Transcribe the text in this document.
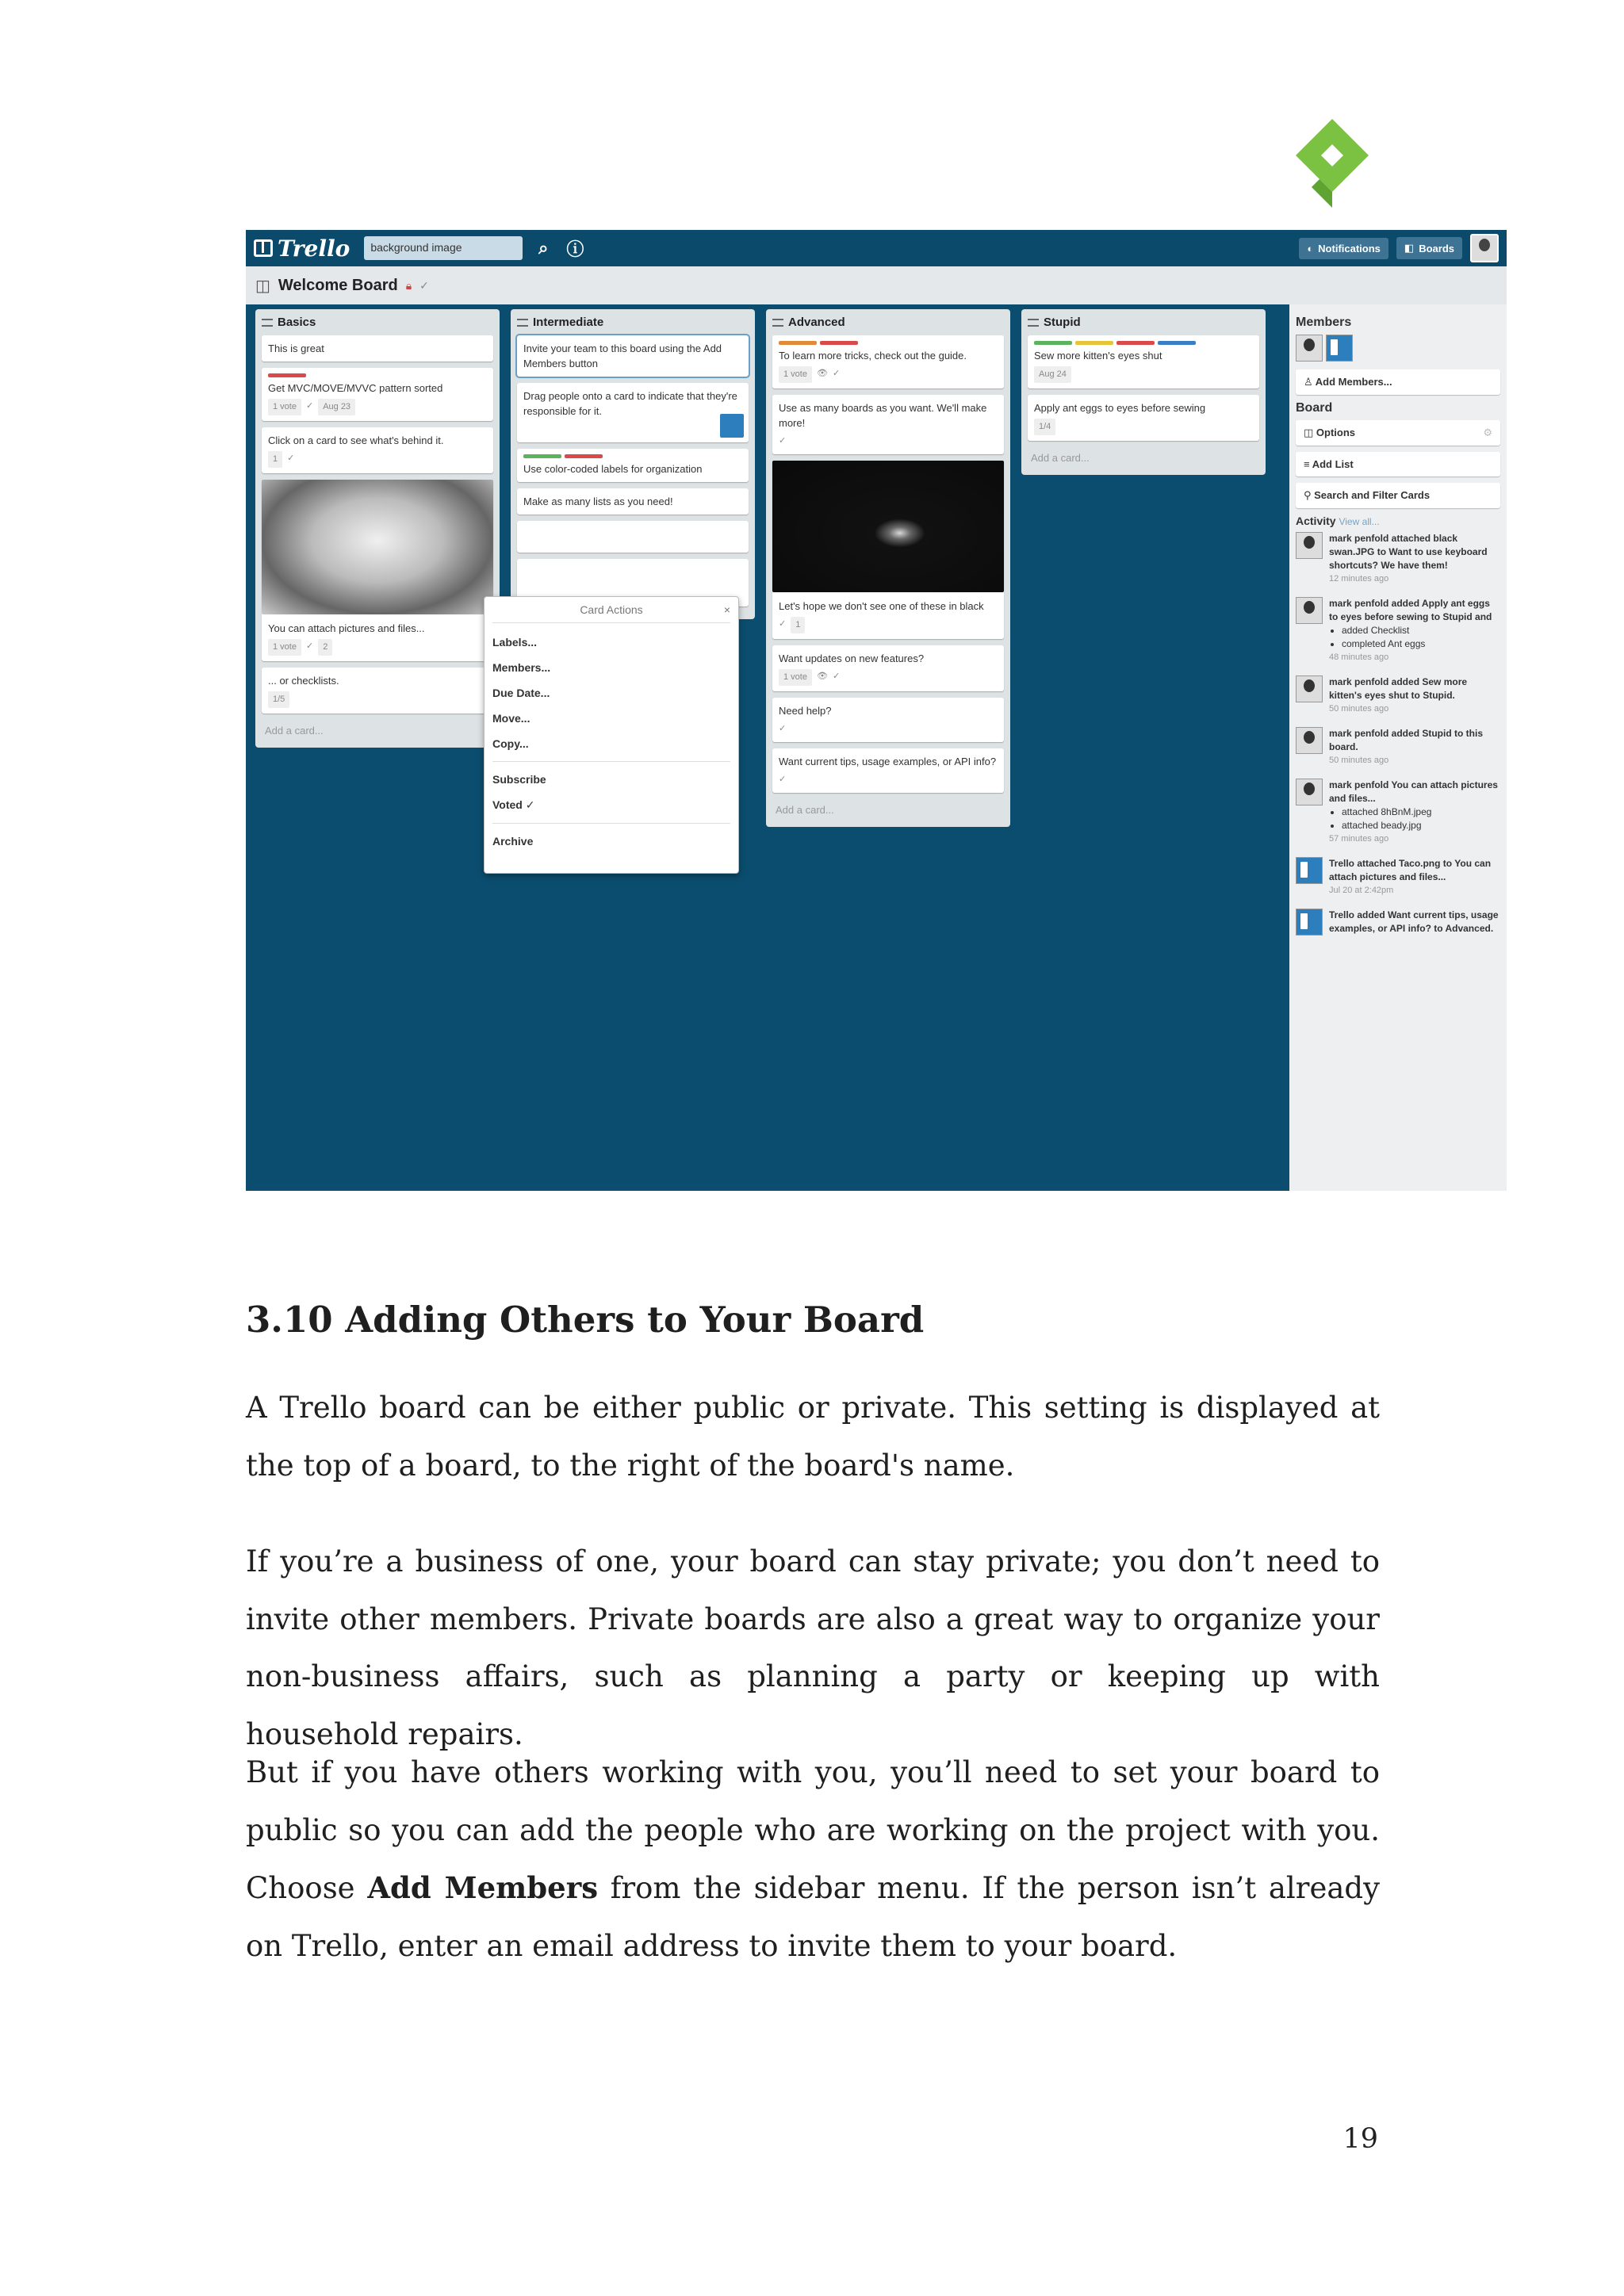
Trello	background image	⌕	ⓘ	◐ Notifications ◧ Boards
◫ Welcome Board 🔒︎ ✓
Basics
This is great
Get MVC/MOVE/MVVC pattern sorted
1 vote	✓	Aug 23
Click on a card to see what's behind it.
1	✓
You can attach pictures and files...
1 vote	✓	2
... or checklists.
1/5
Add a card...
Intermediate
Invite your team to this board using the Add Members button
Drag people onto a card to indicate that they're responsible for it.
Use color-coded labels for organization
Make as many lists as you need!
Advanced
To learn more tricks, check out the guide.
1 vote	👁︎ ✓
Use as many boards as you want. We'll make more!
✓
Let's hope we don't see one of these in black
✓	1
Want updates on new features?
1 vote	👁︎ ✓
Need help?
✓
Want current tips, usage examples, or API info?
✓
Add a card...
Stupid
Sew more kitten's eyes shut
Aug 24
Apply ant eggs to eyes before sewing
1/4
Add a card...
Card Actions	×
Labels...
Members...
Due Date...
Move...
Copy...
Subscribe
Voted ✓
Archive
Members
♙ Add Members...
Board
◫ Options	⚙
≡ Add List
⚲ Search and Filter Cards
Activity View all...
mark penfold attached black swan.JPG to Want to use keyboard shortcuts? We have them!
12 minutes ago
mark penfold added Apply ant eggs to eyes before sewing to Stupid and
• added Checklist
• completed Ant eggs
48 minutes ago
mark penfold added Sew more kitten's eyes shut to Stupid.
50 minutes ago
mark penfold added Stupid to this board.
50 minutes ago
mark penfold You can attach pictures and files...
• attached 8hBnM.jpeg
• attached beady.jpg
57 minutes ago
Trello attached Taco.png to You can attach pictures and files...
Jul 20 at 2:42pm
Trello added Want current tips, usage examples, or API info? to Advanced.
3.10 Adding Others to Your Board
A Trello board can be either public or private. This setting is displayed at the top of a board, to the right of the board's name.
If you’re a business of one, your board can stay private; you don’t need to invite other members. Private boards are also a great way to organize your non-business affairs, such as planning a party or keeping up with household repairs.
But if you have others working with you, you’ll need to set your board to public so you can add the people who are working on the project with you. Choose Add Members from the sidebar menu. If the person isn’t already on Trello, enter an email address to invite them to your board.
19
